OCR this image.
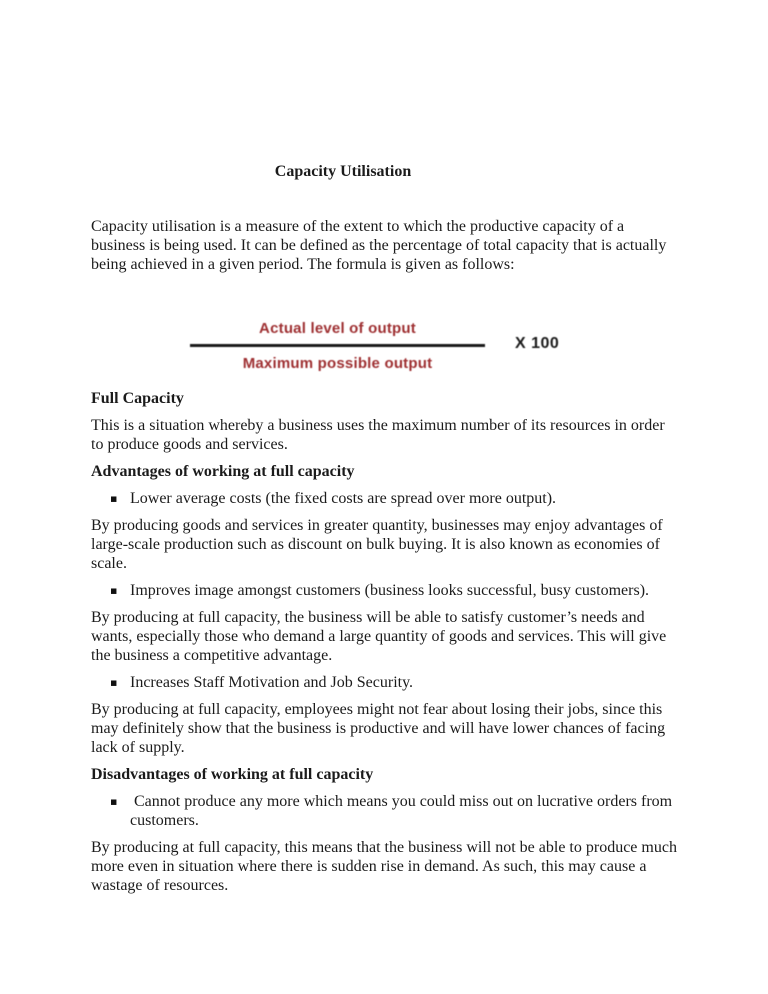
Capacity Utilisation

Capacity utilisation is a measure of the extent to which the productive capacity of a business is being used. It can be defined as the percentage of total capacity that is actually being achieved in a given period. The formula is given as follows:

$\frac{\text{Actual level of output}}{\text{Maximum possible output}}$ X 100
Full Capacity

This is a situation whereby a business uses the maximum number of its resources in order to produce goods and services.

Advantages of working at full capacity
▪ Lower average costs (the fixed costs are spread over more output).

By producing goods and services in greater quantity, businesses may enjoy advantages of large-scale production such as discount on bulk buying. It is also known as economies of scale.

▪ Improves image amongst customers (business looks successful, busy customers).

By producing at full capacity, the business will be able to satisfy customer’s needs and wants, especially those who demand a large quantity of goods and services. This will give the business a competitive advantage.

▪ Increases Staff Motivation and Job Security.

By producing at full capacity, employees might not fear about losing their jobs, since this may definitely show that the business is productive and will have lower chances of facing lack of supply.

Disadvantages of working at full capacity
▪ Cannot produce any more which means you could miss out on lucrative orders from customers.

By producing at full capacity, this means that the business will not be able to produce much more even in situation where there is sudden rise in demand. As such, this may cause a wastage of resources.
